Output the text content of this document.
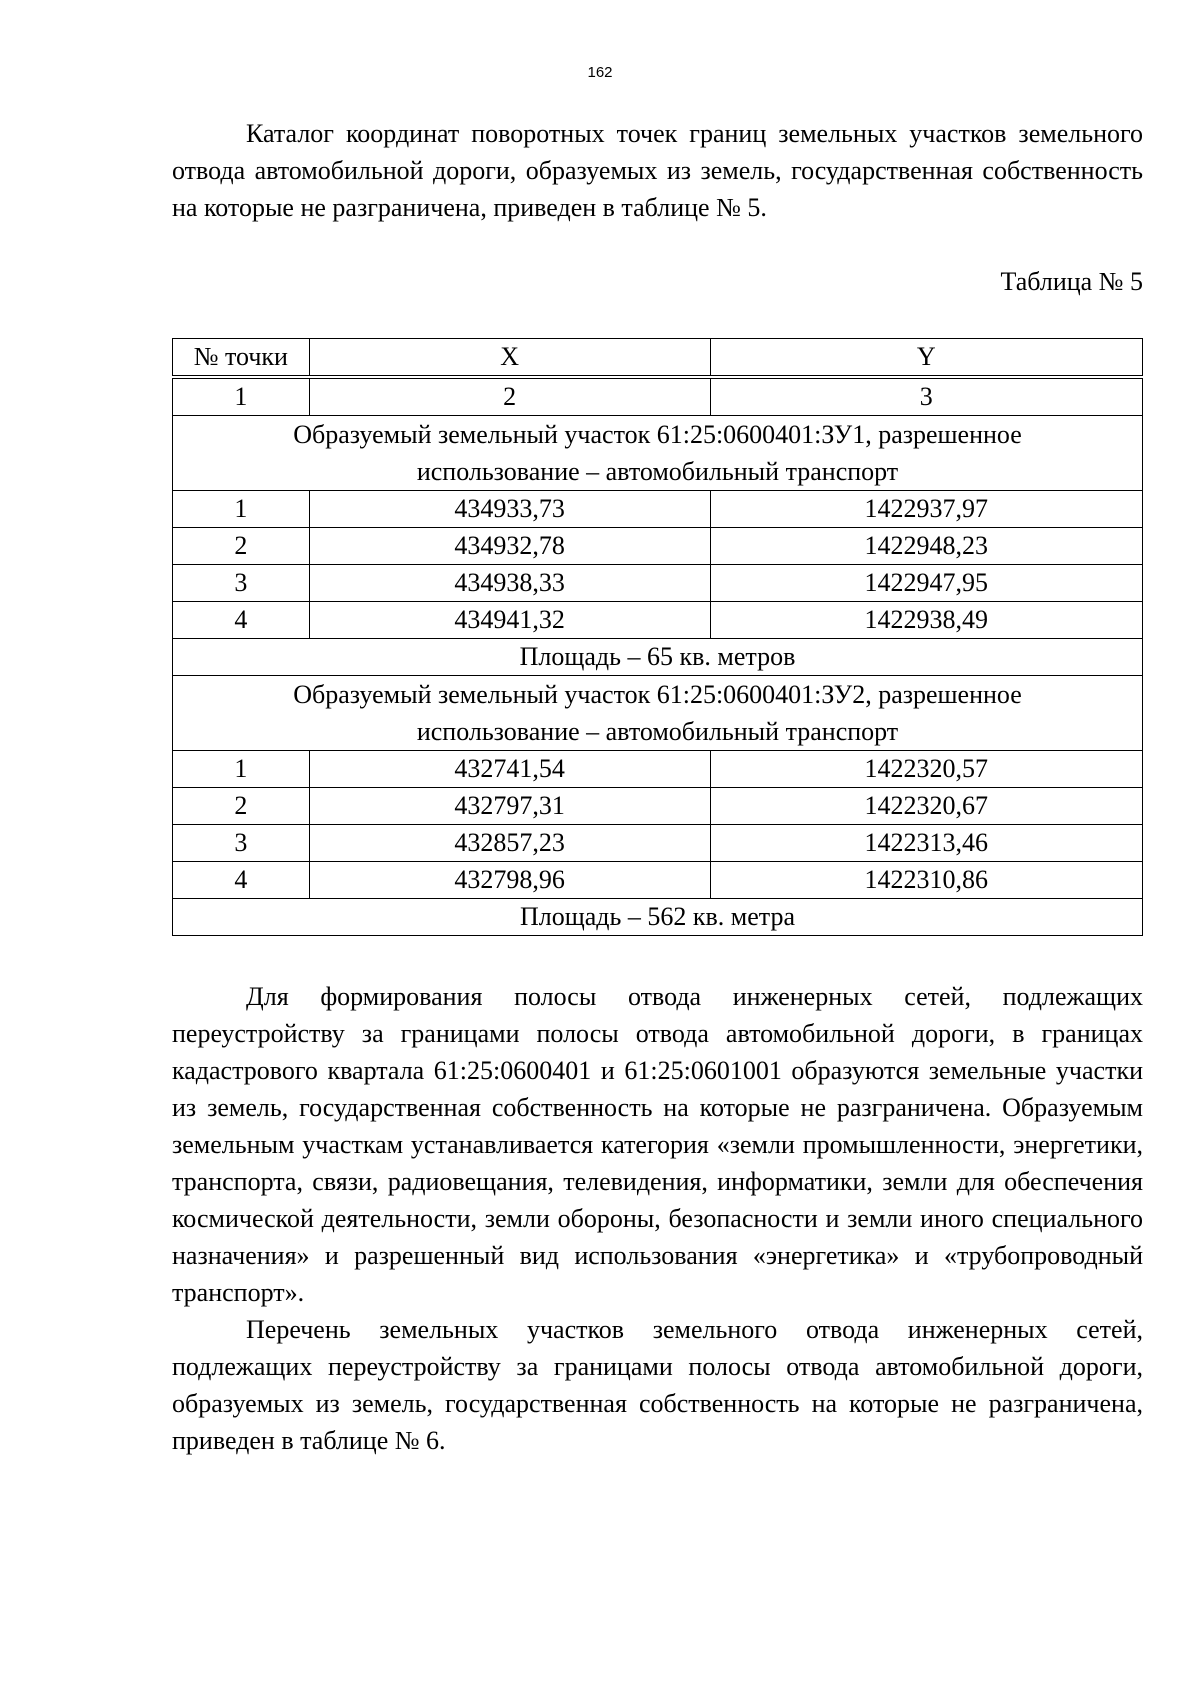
162

Каталог координат поворотных точек границ земельных участков земельного отвода автомобильной дороги, образуемых из земель, государственная собственность на которые не разграничена, приведен в таблице № 5.

Таблица № 5
№ точки	X	Y
1	2	3
Образуемый земельный участок 61:25:0600401:ЗУ1, разрешенное использование – автомобильный транспорт		
1	434933,73	1422937,97
2	434932,78	1422948,23
3	434938,33	1422947,95
4	434941,32	1422938,49
Площадь – 65 кв. метров		
Образуемый земельный участок 61:25:0600401:ЗУ2, разрешенное использование – автомобильный транспорт		
1	432741,54	1422320,57
2	432797,31	1422320,67
3	432857,23	1422313,46
4	432798,96	1422310,86
Площадь – 562 кв. метра		

Для формирования полосы отвода инженерных сетей, подлежащих переустройству за границами полосы отвода автомобильной дороги, в границах кадастрового квартала 61:25:0600401 и 61:25:0601001 образуются земельные участки из земель, государственная собственность на которые не разграничена. Образуемым земельным участкам устанавливается категория «земли промышленности, энергетики, транспорта, связи, радиовещания, телевидения, информатики, земли для обеспечения космической деятельности, земли обороны, безопасности и земли иного специального назначения» и разрешенный вид использования «энергетика» и «трубопроводный транспорт».

Перечень земельных участков земельного отвода инженерных сетей, подлежащих переустройству за границами полосы отвода автомобильной дороги, образуемых из земель, государственная собственность на которые не разграничена, приведен в таблице № 6.
